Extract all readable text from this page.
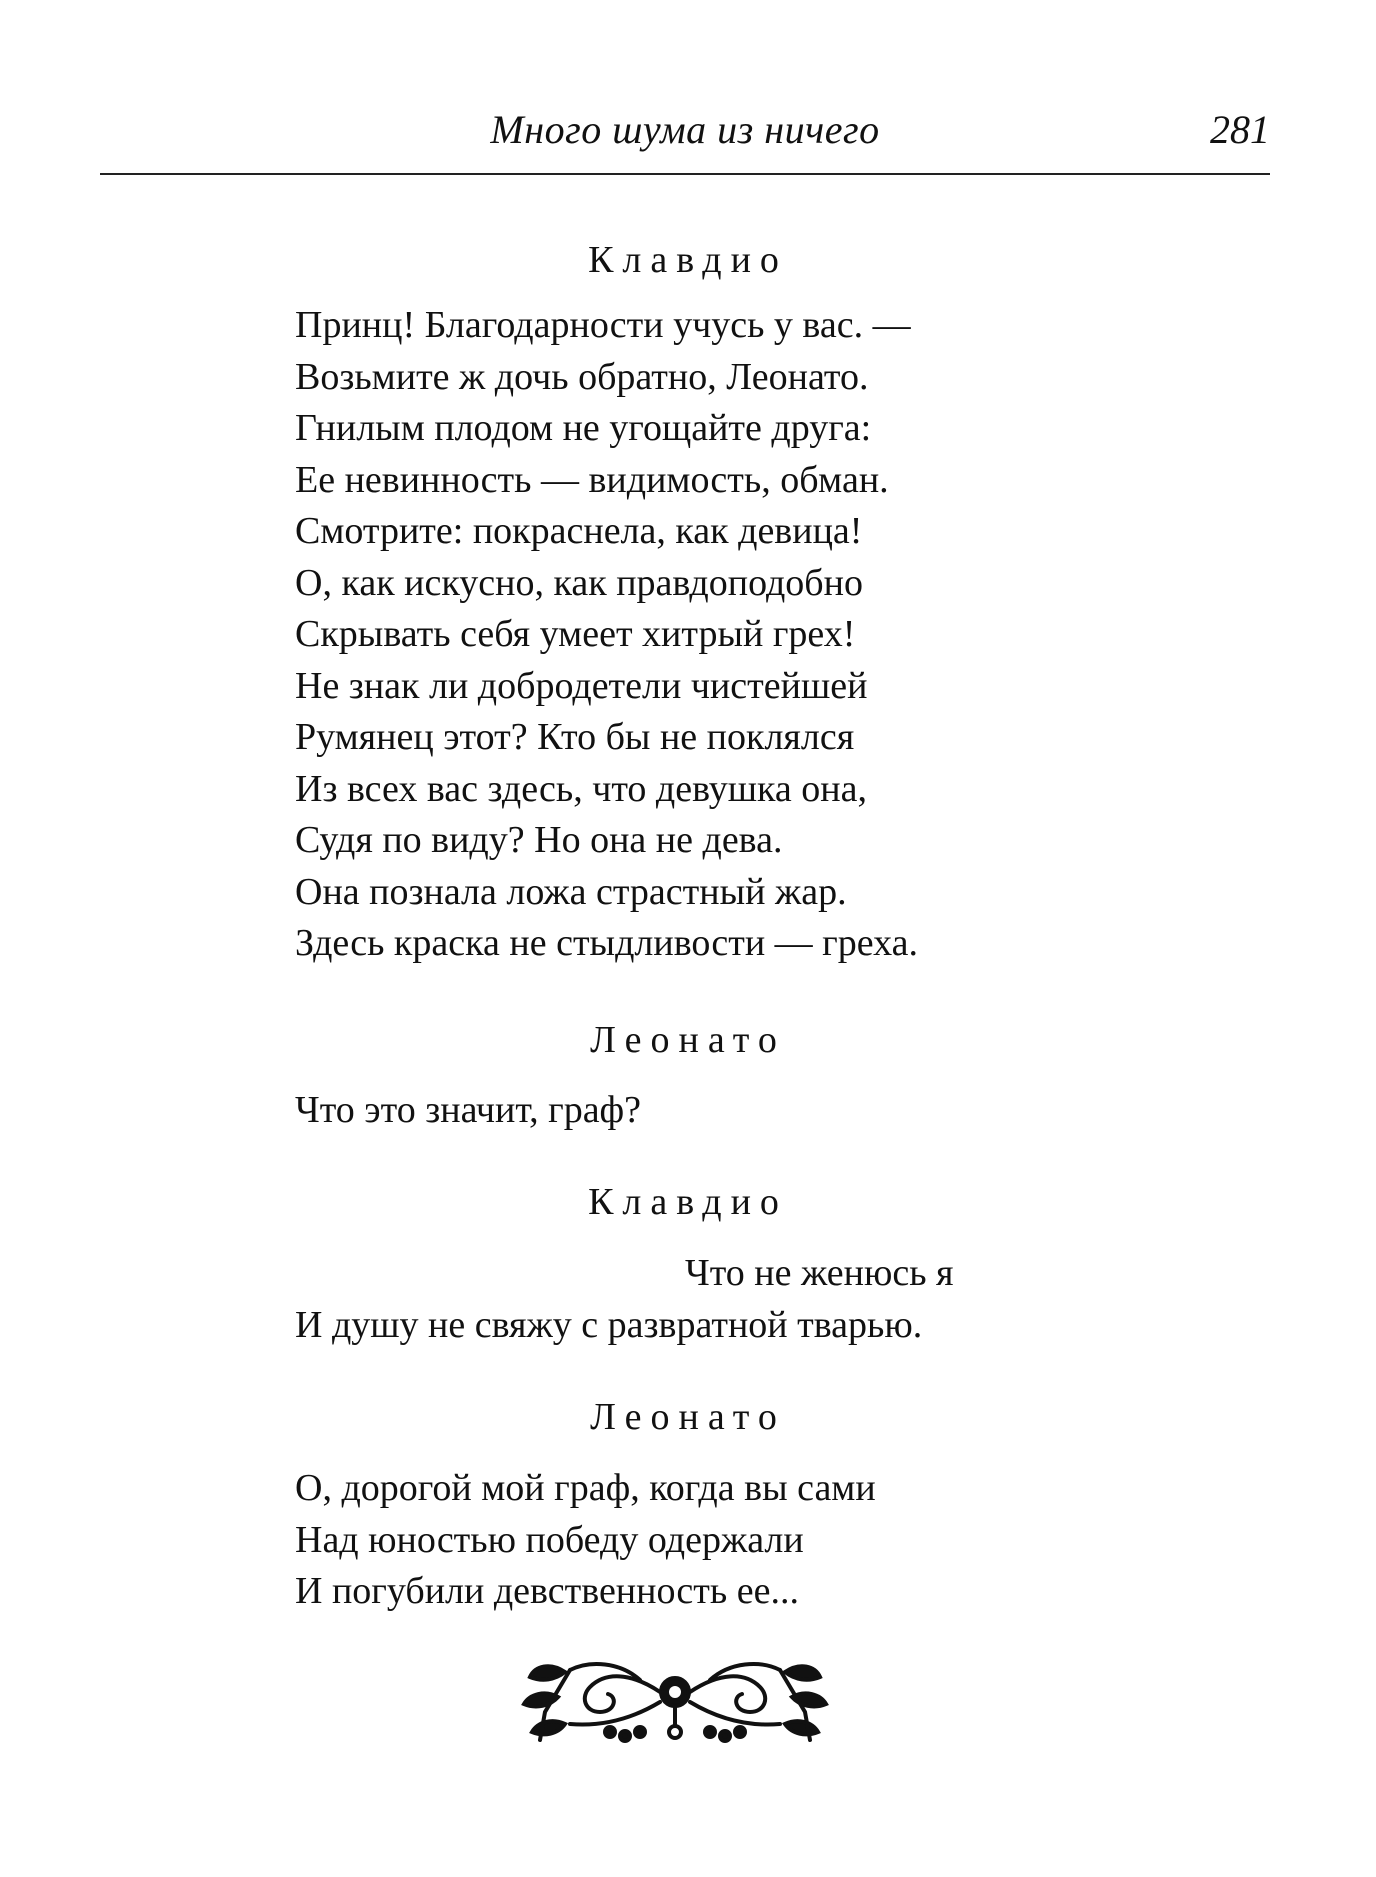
Много шума из ничего	281
Клавдио
Принц! Благодарности учусь у вас. —
Возьмите ж дочь обратно, Леонато.
Гнилым плодом не угощайте друга:
Ее невинность — видимость, обман.
Смотрите: покраснела, как девица!
О, как искусно, как правдоподобно
Скрывать себя умеет хитрый грех!
Не знак ли добродетели чистейшей
Румянец этот? Кто бы не поклялся
Из всех вас здесь, что девушка она,
Судя по виду? Но она не дева.
Она познала ложа страстный жар.
Здесь краска не стыдливости — греха.
Леонато
Что это значит, граф?
Клавдио
Что не женюсь я
И душу не свяжу с развратной тварью.
Леонато
О, дорогой мой граф, когда вы сами
Над юностью победу одержали
И погубили девственность ее...
